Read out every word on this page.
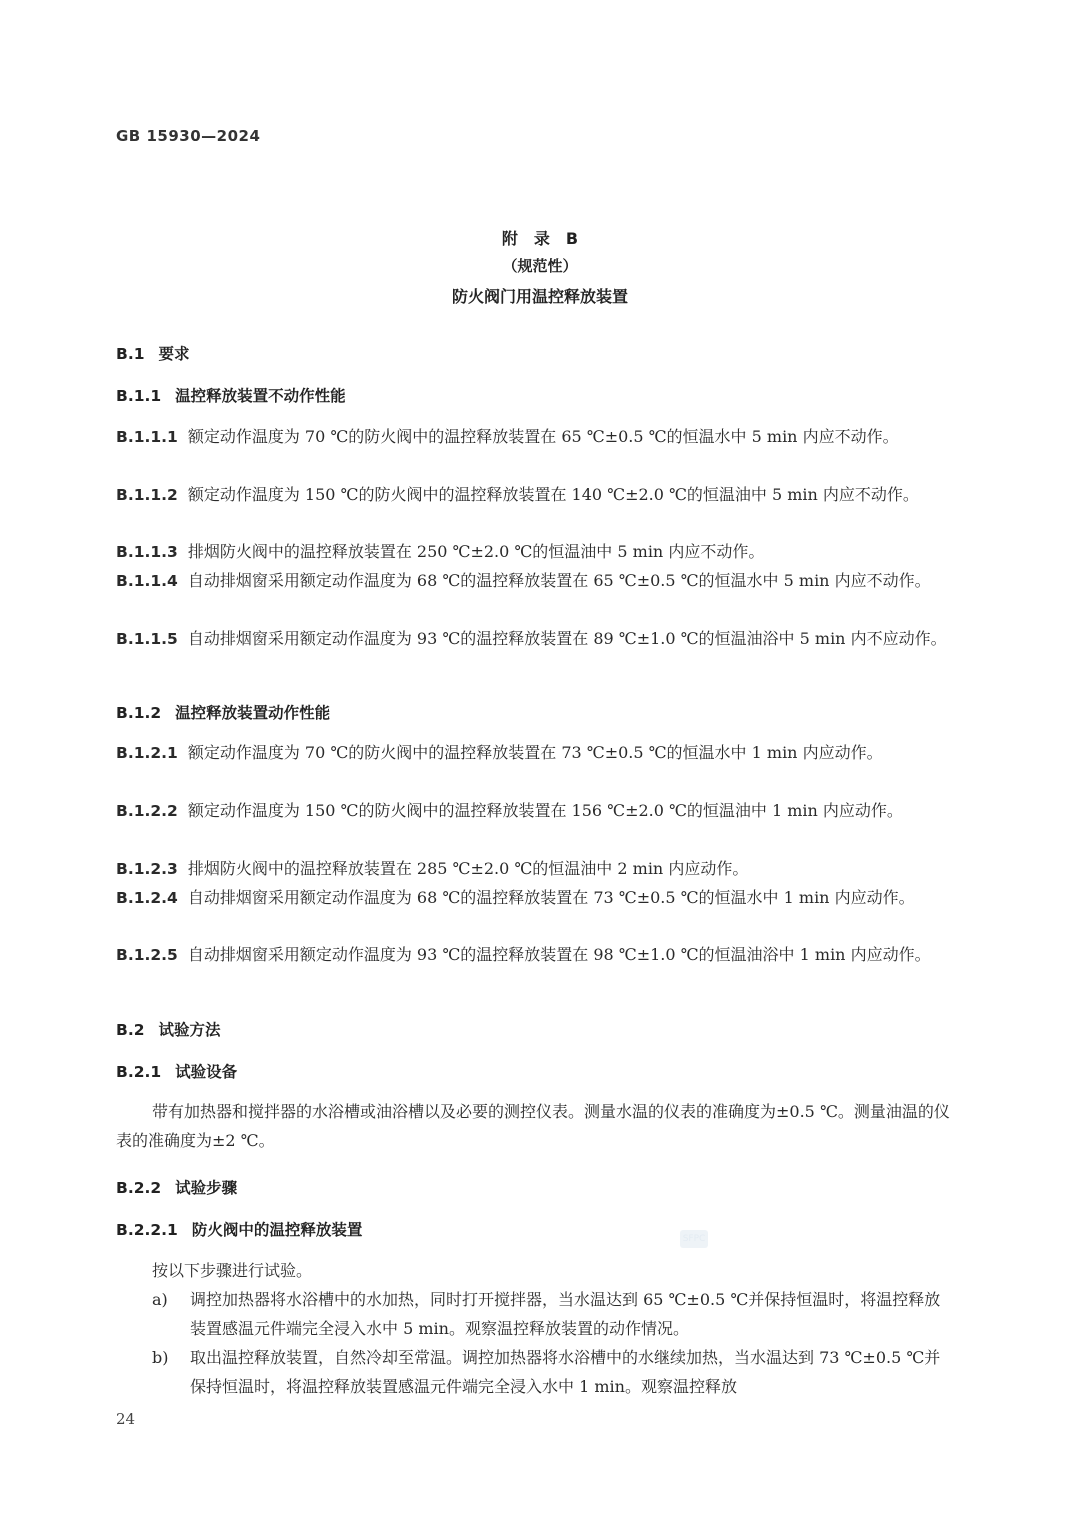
GB 15930—2024
附　录　B
（规范性）
防火阀门用温控释放装置
B.1 要求
B.1.1 温控释放装置不动作性能
B.1.1.1 额定动作温度为 70 ℃的防火阀中的温控释放装置在 65 ℃±0.5 ℃的恒温水中 5 min 内应不动作。
B.1.1.2 额定动作温度为 150 ℃的防火阀中的温控释放装置在 140 ℃±2.0 ℃的恒温油中 5 min 内应不动作。
B.1.1.3 排烟防火阀中的温控释放装置在 250 ℃±2.0 ℃的恒温油中 5 min 内应不动作。
B.1.1.4 自动排烟窗采用额定动作温度为 68 ℃的温控释放装置在 65 ℃±0.5 ℃的恒温水中 5 min 内应不动作。
B.1.1.5 自动排烟窗采用额定动作温度为 93 ℃的温控释放装置在 89 ℃±1.0 ℃的恒温油浴中 5 min 内不应动作。
B.1.2 温控释放装置动作性能
B.1.2.1 额定动作温度为 70 ℃的防火阀中的温控释放装置在 73 ℃±0.5 ℃的恒温水中 1 min 内应动作。
B.1.2.2 额定动作温度为 150 ℃的防火阀中的温控释放装置在 156 ℃±2.0 ℃的恒温油中 1 min 内应动作。
B.1.2.3 排烟防火阀中的温控释放装置在 285 ℃±2.0 ℃的恒温油中 2 min 内应动作。
B.1.2.4 自动排烟窗采用额定动作温度为 68 ℃的温控释放装置在 73 ℃±0.5 ℃的恒温水中 1 min 内应动作。
B.1.2.5 自动排烟窗采用额定动作温度为 93 ℃的温控释放装置在 98 ℃±1.0 ℃的恒温油浴中 1 min 内应动作。
B.2 试验方法
B.2.1 试验设备
带有加热器和搅拌器的水浴槽或油浴槽以及必要的测控仪表。测量水温的仪表的准确度为±0.5 ℃。测量油温的仪表的准确度为±2 ℃。
B.2.2 试验步骤
B.2.2.1 防火阀中的温控释放装置
按以下步骤进行试验。
a) 调控加热器将水浴槽中的水加热，同时打开搅拌器，当水温达到 65 ℃±0.5 ℃并保持恒温时，将温控释放装置感温元件端完全浸入水中 5 min。观察温控释放装置的动作情况。
b) 取出温控释放装置，自然冷却至常温。调控加热器将水浴槽中的水继续加热，当水温达到 73 ℃±0.5 ℃并保持恒温时，将温控释放装置感温元件端完全浸入水中 1 min。观察温控释放
SFPC
24
